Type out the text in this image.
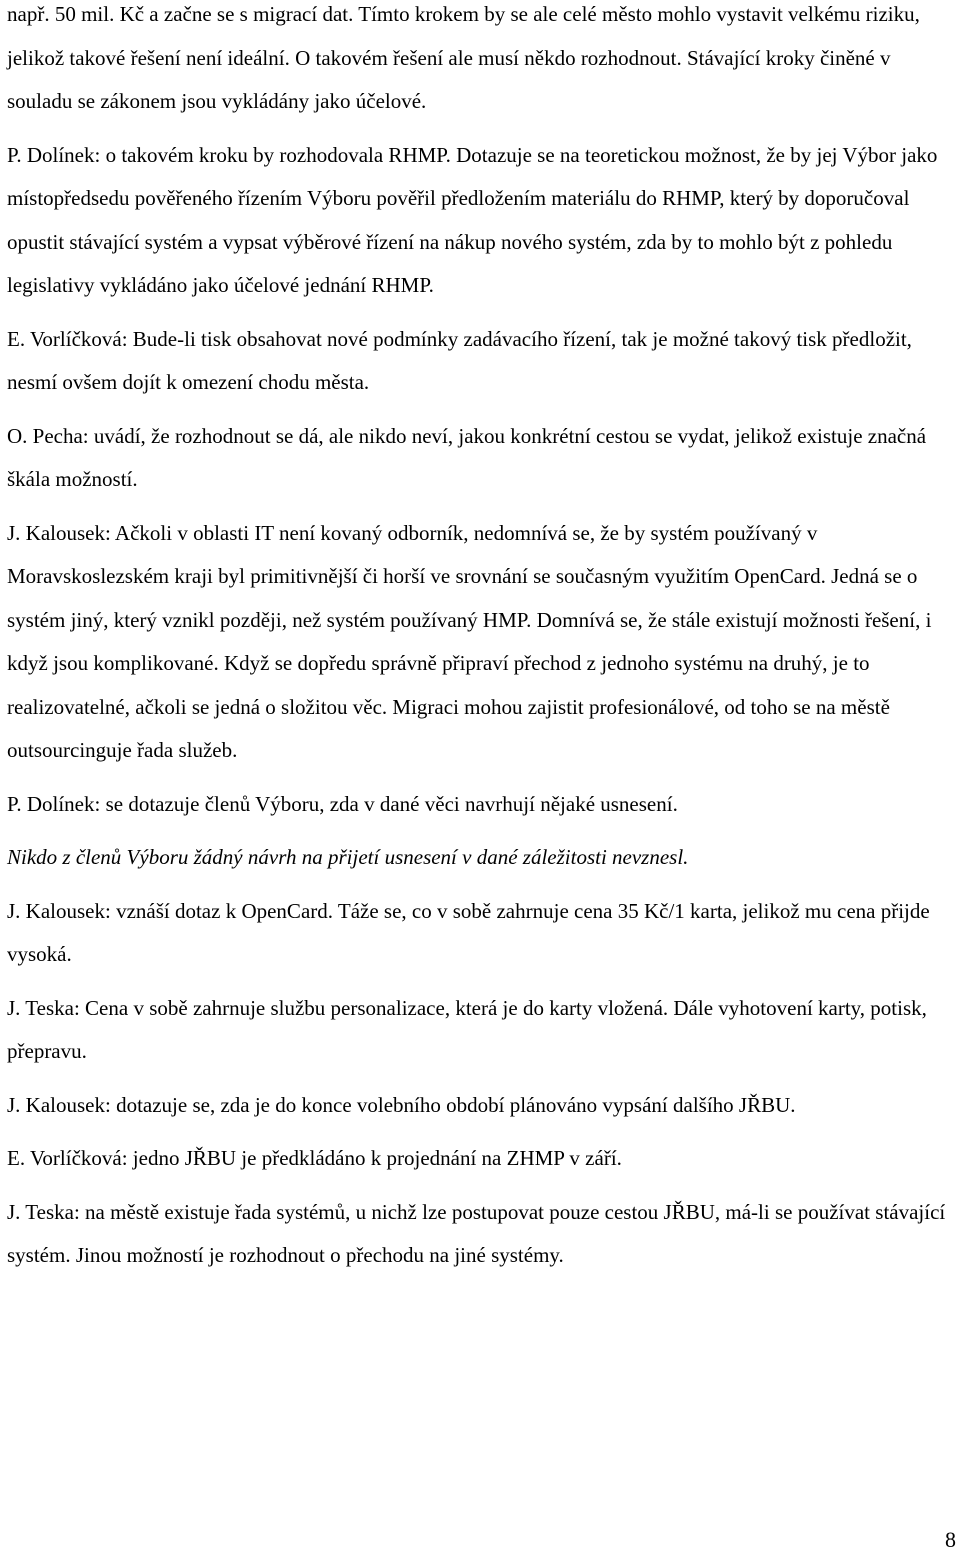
např. 50 mil. Kč a začne se s migrací dat. Tímto krokem by se ale celé město mohlo vystavit velkému riziku, jelikož takové řešení není ideální. O takovém řešení ale musí někdo rozhodnout. Stávající kroky činěné v souladu se zákonem jsou vykládány jako účelové.

P. Dolínek: o takovém kroku by rozhodovala RHMP. Dotazuje se na teoretickou možnost, že by jej Výbor jako místopředsedu pověřeného řízením Výboru pověřil předložením materiálu do RHMP, který by doporučoval opustit stávající systém a vypsat výběrové řízení na nákup nového systém, zda by to mohlo být z pohledu legislativy vykládáno jako účelové jednání RHMP.

E. Vorlíčková: Bude-li tisk obsahovat nové podmínky zadávacího řízení, tak je možné takový tisk předložit, nesmí ovšem dojít k omezení chodu města.

O. Pecha: uvádí, že rozhodnout se dá, ale nikdo neví, jakou konkrétní cestou se vydat, jelikož existuje značná škála možností.

J. Kalousek: Ačkoli v oblasti IT není kovaný odborník, nedomnívá se, že by systém používaný v Moravskoslezském kraji byl primitivnější či horší ve srovnání se současným využitím OpenCard. Jedná se o systém jiný, který vznikl později, než systém používaný HMP. Domnívá se, že stále existují možnosti řešení, i když jsou komplikované. Když se dopředu správně připraví přechod z jednoho systému na druhý, je to realizovatelné, ačkoli se jedná o složitou věc. Migraci mohou zajistit profesionálové, od toho se na městě outsourcinguje řada služeb.

P. Dolínek: se dotazuje členů Výboru, zda v dané věci navrhují nějaké usnesení.

Nikdo z členů Výboru žádný návrh na přijetí usnesení v dané záležitosti nevznesl.

J. Kalousek: vznáší dotaz k OpenCard. Táže se, co v sobě zahrnuje cena 35 Kč/1 karta, jelikož mu cena přijde vysoká.

J. Teska: Cena v sobě zahrnuje službu personalizace, která je do karty vložená. Dále vyhotovení karty, potisk, přepravu.

J. Kalousek: dotazuje se, zda je do konce volebního období plánováno vypsání dalšího JŘBU.

E. Vorlíčková: jedno JŘBU je předkládáno k projednání na ZHMP v září.

J. Teska: na městě existuje řada systémů, u nichž lze postupovat pouze cestou JŘBU, má-li se používat stávající systém. Jinou možností je rozhodnout o přechodu na jiné systémy.

8
